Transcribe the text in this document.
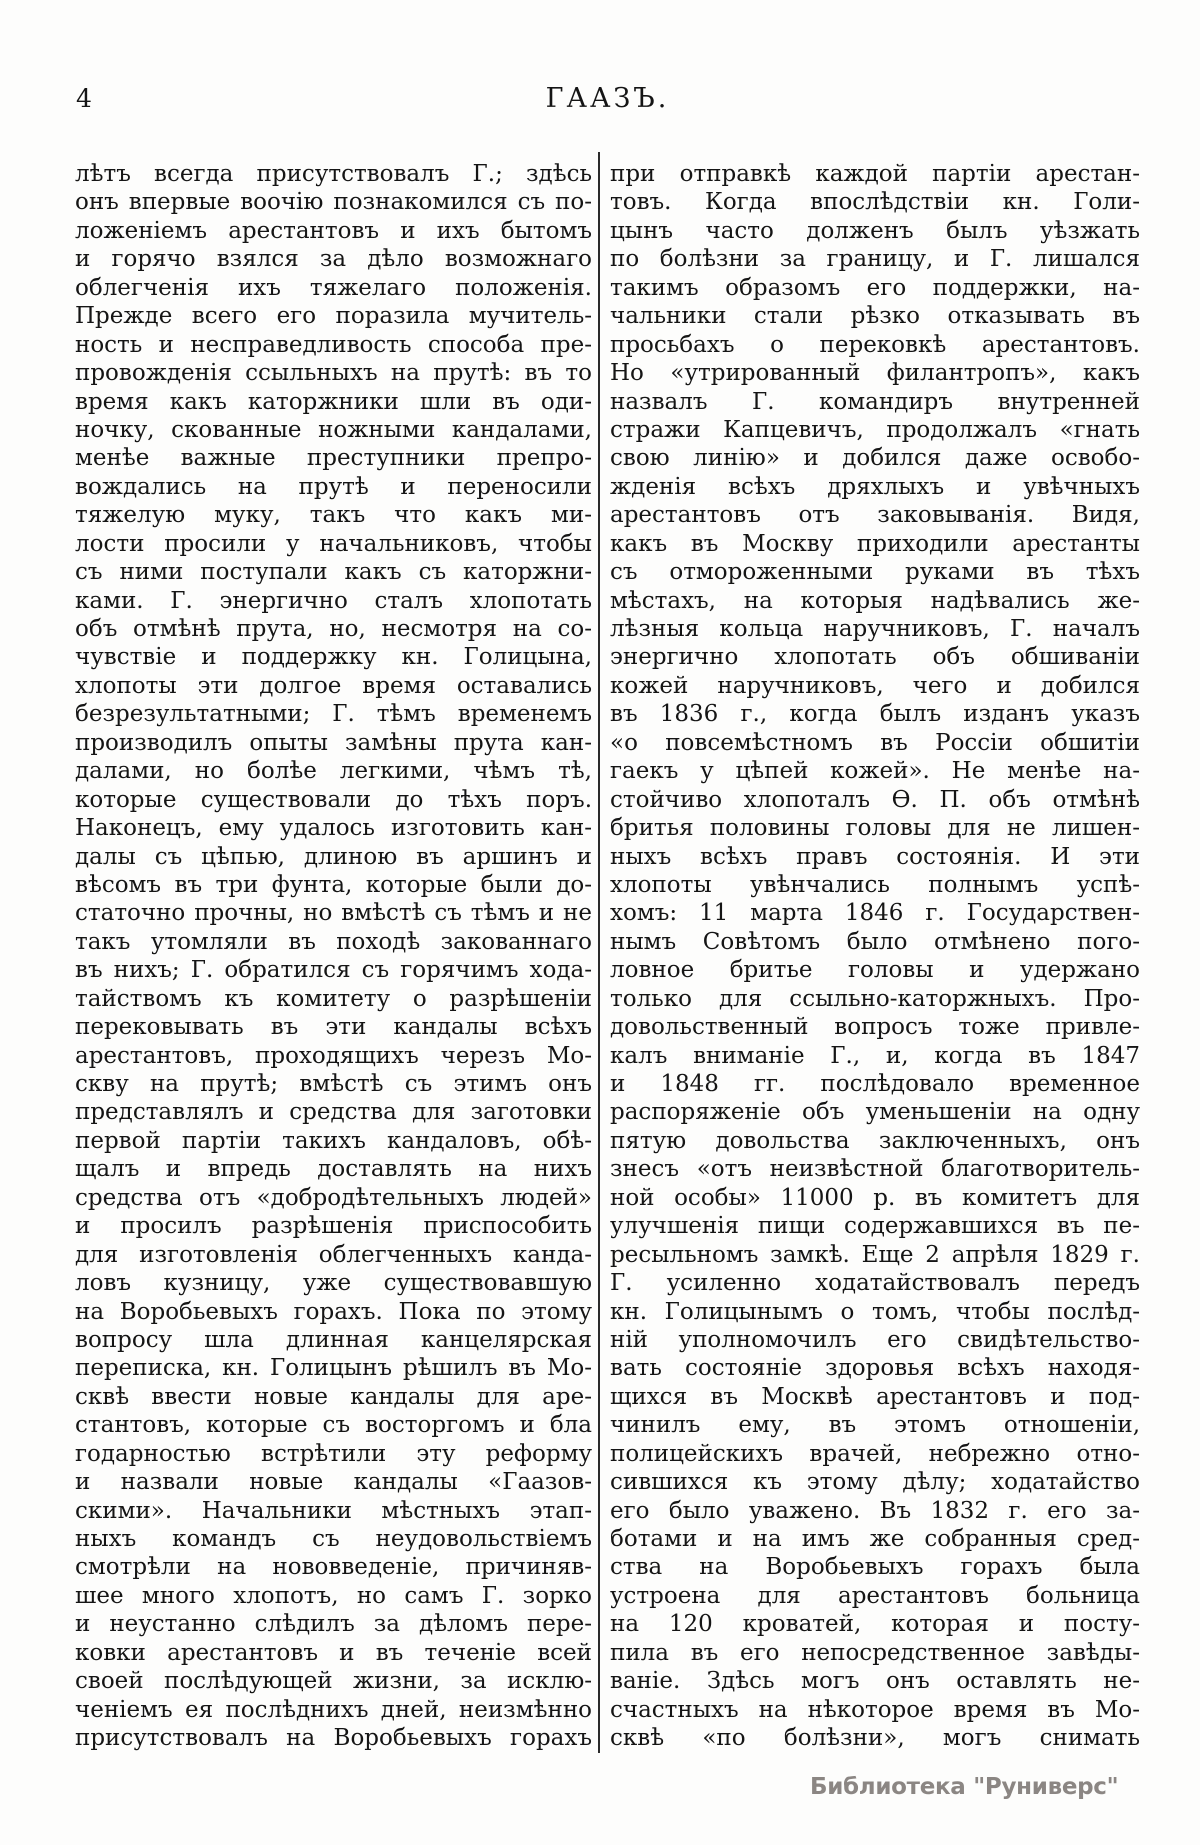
4	ГААЗЪ.
лѣтъ всегда присутствовалъ Г.; здѣсь
онъ впервые воочію познакомился съ по-
ложеніемъ арестантовъ и ихъ бытомъ
и горячо взялся за дѣло возможнаго
облегченія ихъ тяжелаго положенія.
Прежде всего его поразила мучитель-
ность и несправедливость способа пре-
провожденія ссыльныхъ на прутѣ: въ то
время какъ каторжники шли въ оди-
ночку, скованные ножными кандалами,
менѣе важные преступники препро-
вождались на прутѣ и переносили
тяжелую муку, такъ что какъ ми-
лости просили у начальниковъ, чтобы
съ ними поступали какъ съ каторжни-
ками. Г. энергично сталъ хлопотать
объ отмѣнѣ прута, но, несмотря на со-
чувствіе и поддержку кн. Голицына,
хлопоты эти долгое время оставались
безрезультатными; Г. тѣмъ временемъ
производилъ опыты замѣны прута кан-
далами, но болѣе легкими, чѣмъ тѣ,
которые существовали до тѣхъ поръ.
Наконецъ, ему удалось изготовить кан-
далы съ цѣпью, длиною въ аршинъ и
вѣсомъ въ три фунта, которые были до-
статочно прочны, но вмѣстѣ съ тѣмъ и не
такъ утомляли въ походѣ закованнаго
въ нихъ; Г. обратился съ горячимъ хода-
тайствомъ къ комитету о разрѣшеніи
перековывать въ эти кандалы всѣхъ
арестантовъ, проходящихъ черезъ Мо-
скву на прутѣ; вмѣстѣ съ этимъ онъ
представлялъ и средства для заготовки
первой партіи такихъ кандаловъ, обѣ-
щалъ и впредь доставлять на нихъ
средства отъ «добродѣтельныхъ людей»
и просилъ разрѣшенія приспособить
для изготовленія облегченныхъ канда-
ловъ кузницу, уже существовавшую
на Воробьевыхъ горахъ. Пока по этому
вопросу шла длинная канцелярская
переписка, кн. Голицынъ рѣшилъ въ Мо-
сквѣ ввести новые кандалы для аре-
стантовъ, которые съ восторгомъ и бла
годарностью встрѣтили эту реформу
и назвали новые кандалы «Гаазов-
скими». Начальники мѣстныхъ этап-
ныхъ командъ съ неудовольствіемъ
смотрѣли на нововведеніе, причиняв-
шее много хлопотъ, но самъ Г. зорко
и неустанно слѣдилъ за дѣломъ пере-
ковки арестантовъ и въ теченіе всей
своей послѣдующей жизни, за исклю-
ченіемъ ея послѣднихъ дней, неизмѣнно
присутствовалъ на Воробьевыхъ горахъ
при отправкѣ каждой партіи арестан-
товъ. Когда впослѣдствіи кн. Голи-
цынъ часто долженъ былъ уѣзжать
по болѣзни за границу, и Г. лишался
такимъ образомъ его поддержки, на-
чальники стали рѣзко отказывать въ
просьбахъ о перековкѣ арестантовъ.
Но «утрированный филантропъ», какъ
назвалъ Г. командиръ внутренней
стражи Капцевичъ, продолжалъ «гнать
свою линію» и добился даже освобо-
жденія всѣхъ дряхлыхъ и увѣчныхъ
арестантовъ отъ заковыванія. Видя,
какъ въ Москву приходили арестанты
съ отмороженными руками въ тѣхъ
мѣстахъ, на которыя надѣвались же-
лѣзныя кольца наручниковъ, Г. началъ
энергично хлопотать объ обшиваніи
кожей наручниковъ, чего и добился
въ 1836 г., когда былъ изданъ указъ
«о повсемѣстномъ въ Россіи обшитіи
гаекъ у цѣпей кожей». Не менѣе на-
стойчиво хлопоталъ Ѳ. П. объ отмѣнѣ
бритья половины головы для не лишен-
ныхъ всѣхъ правъ состоянія. И эти
хлопоты увѣнчались полнымъ успѣ-
хомъ: 11 марта 1846 г. Государствен-
нымъ Совѣтомъ было отмѣнено пого-
ловное бритье головы и удержано
только для ссыльно-каторжныхъ. Про-
довольственный вопросъ тоже привле-
калъ вниманіе Г., и, когда въ 1847
и 1848 гг. послѣдовало временное
распоряженіе объ уменьшеніи на одну
пятую довольства заключенныхъ, онъ
знесъ «отъ неизвѣстной благотворитель-
ной особы» 11000 р. въ комитетъ для
улучшенія пищи содержавшихся въ пе-
ресыльномъ замкѣ. Еще 2 апрѣля 1829 г.
Г. усиленно ходатайствовалъ передъ
кн. Голицынымъ о томъ, чтобы послѣд-
ній уполномочилъ его свидѣтельство-
вать состояніе здоровья всѣхъ находя-
щихся въ Москвѣ арестантовъ и под-
чинилъ ему, въ этомъ отношеніи,
полицейскихъ врачей, небрежно отно-
сившихся къ этому дѣлу; ходатайство
его было уважено. Въ 1832 г. его за-
ботами и на имъ же собранныя сред-
ства на Воробьевыхъ горахъ была
устроена для арестантовъ больница
на 120 кроватей, которая и посту-
пила въ его непосредственное завѣды-
ваніе. Здѣсь могъ онъ оставлять не-
счастныхъ на нѣкоторое время въ Мо-
сквѣ «по болѣзни», могъ снимать
Библиотека "Руниверс"
